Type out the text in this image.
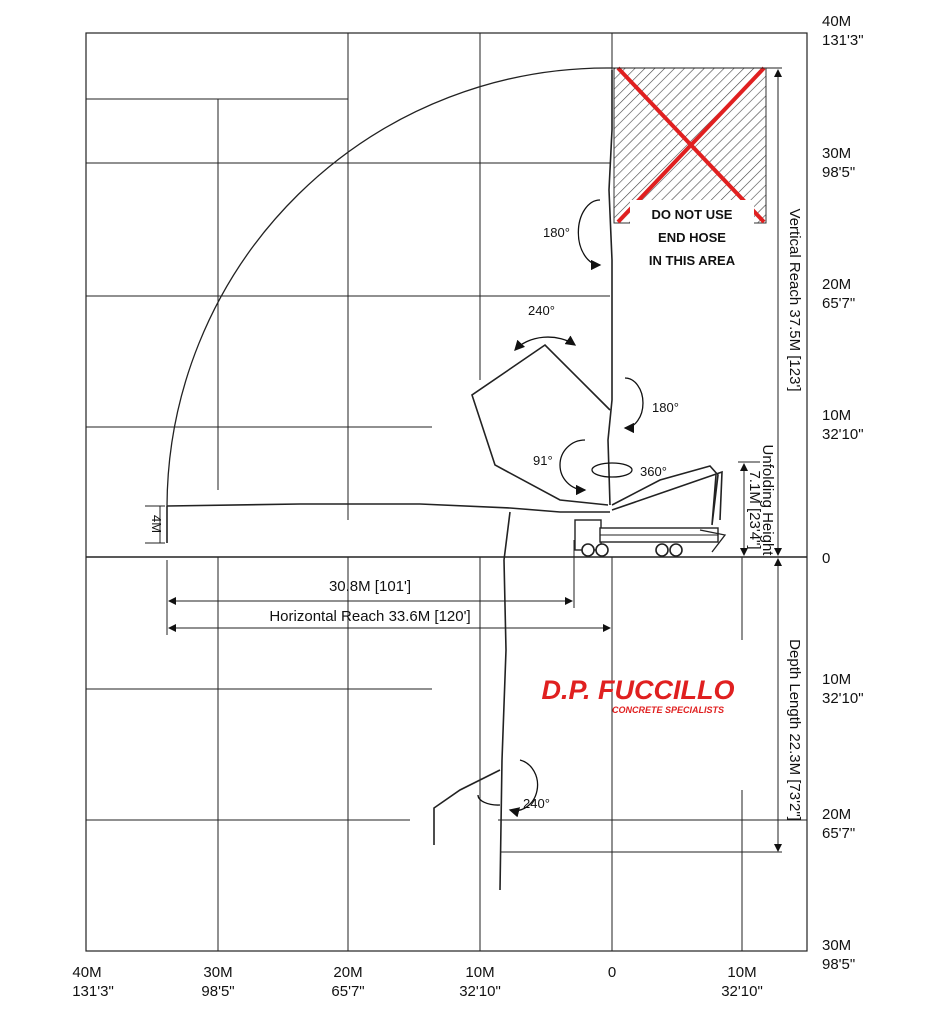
DO NOT USE
END HOSE
IN THIS AREA
180°
240°
180°
91°
360°
240°
4M
30.8M [101']
Horizontal Reach 33.6M [120']
Vertical Reach 37.5M [123']
Unfolding Height
7.1M [23'4"]
Depth Length 22.3M [73'2"]
D.P. FUCCILLO
CONCRETE SPECIALISTS
40M
131'3"
30M
98'5"
20M
65'7"
10M
32'10"
0
10M
32'10"
20M
65'7"
30M
98'5"
40M
131'3"
30M
98'5"
20M
65'7"
10M
32'10"
0	10M
32'10"
